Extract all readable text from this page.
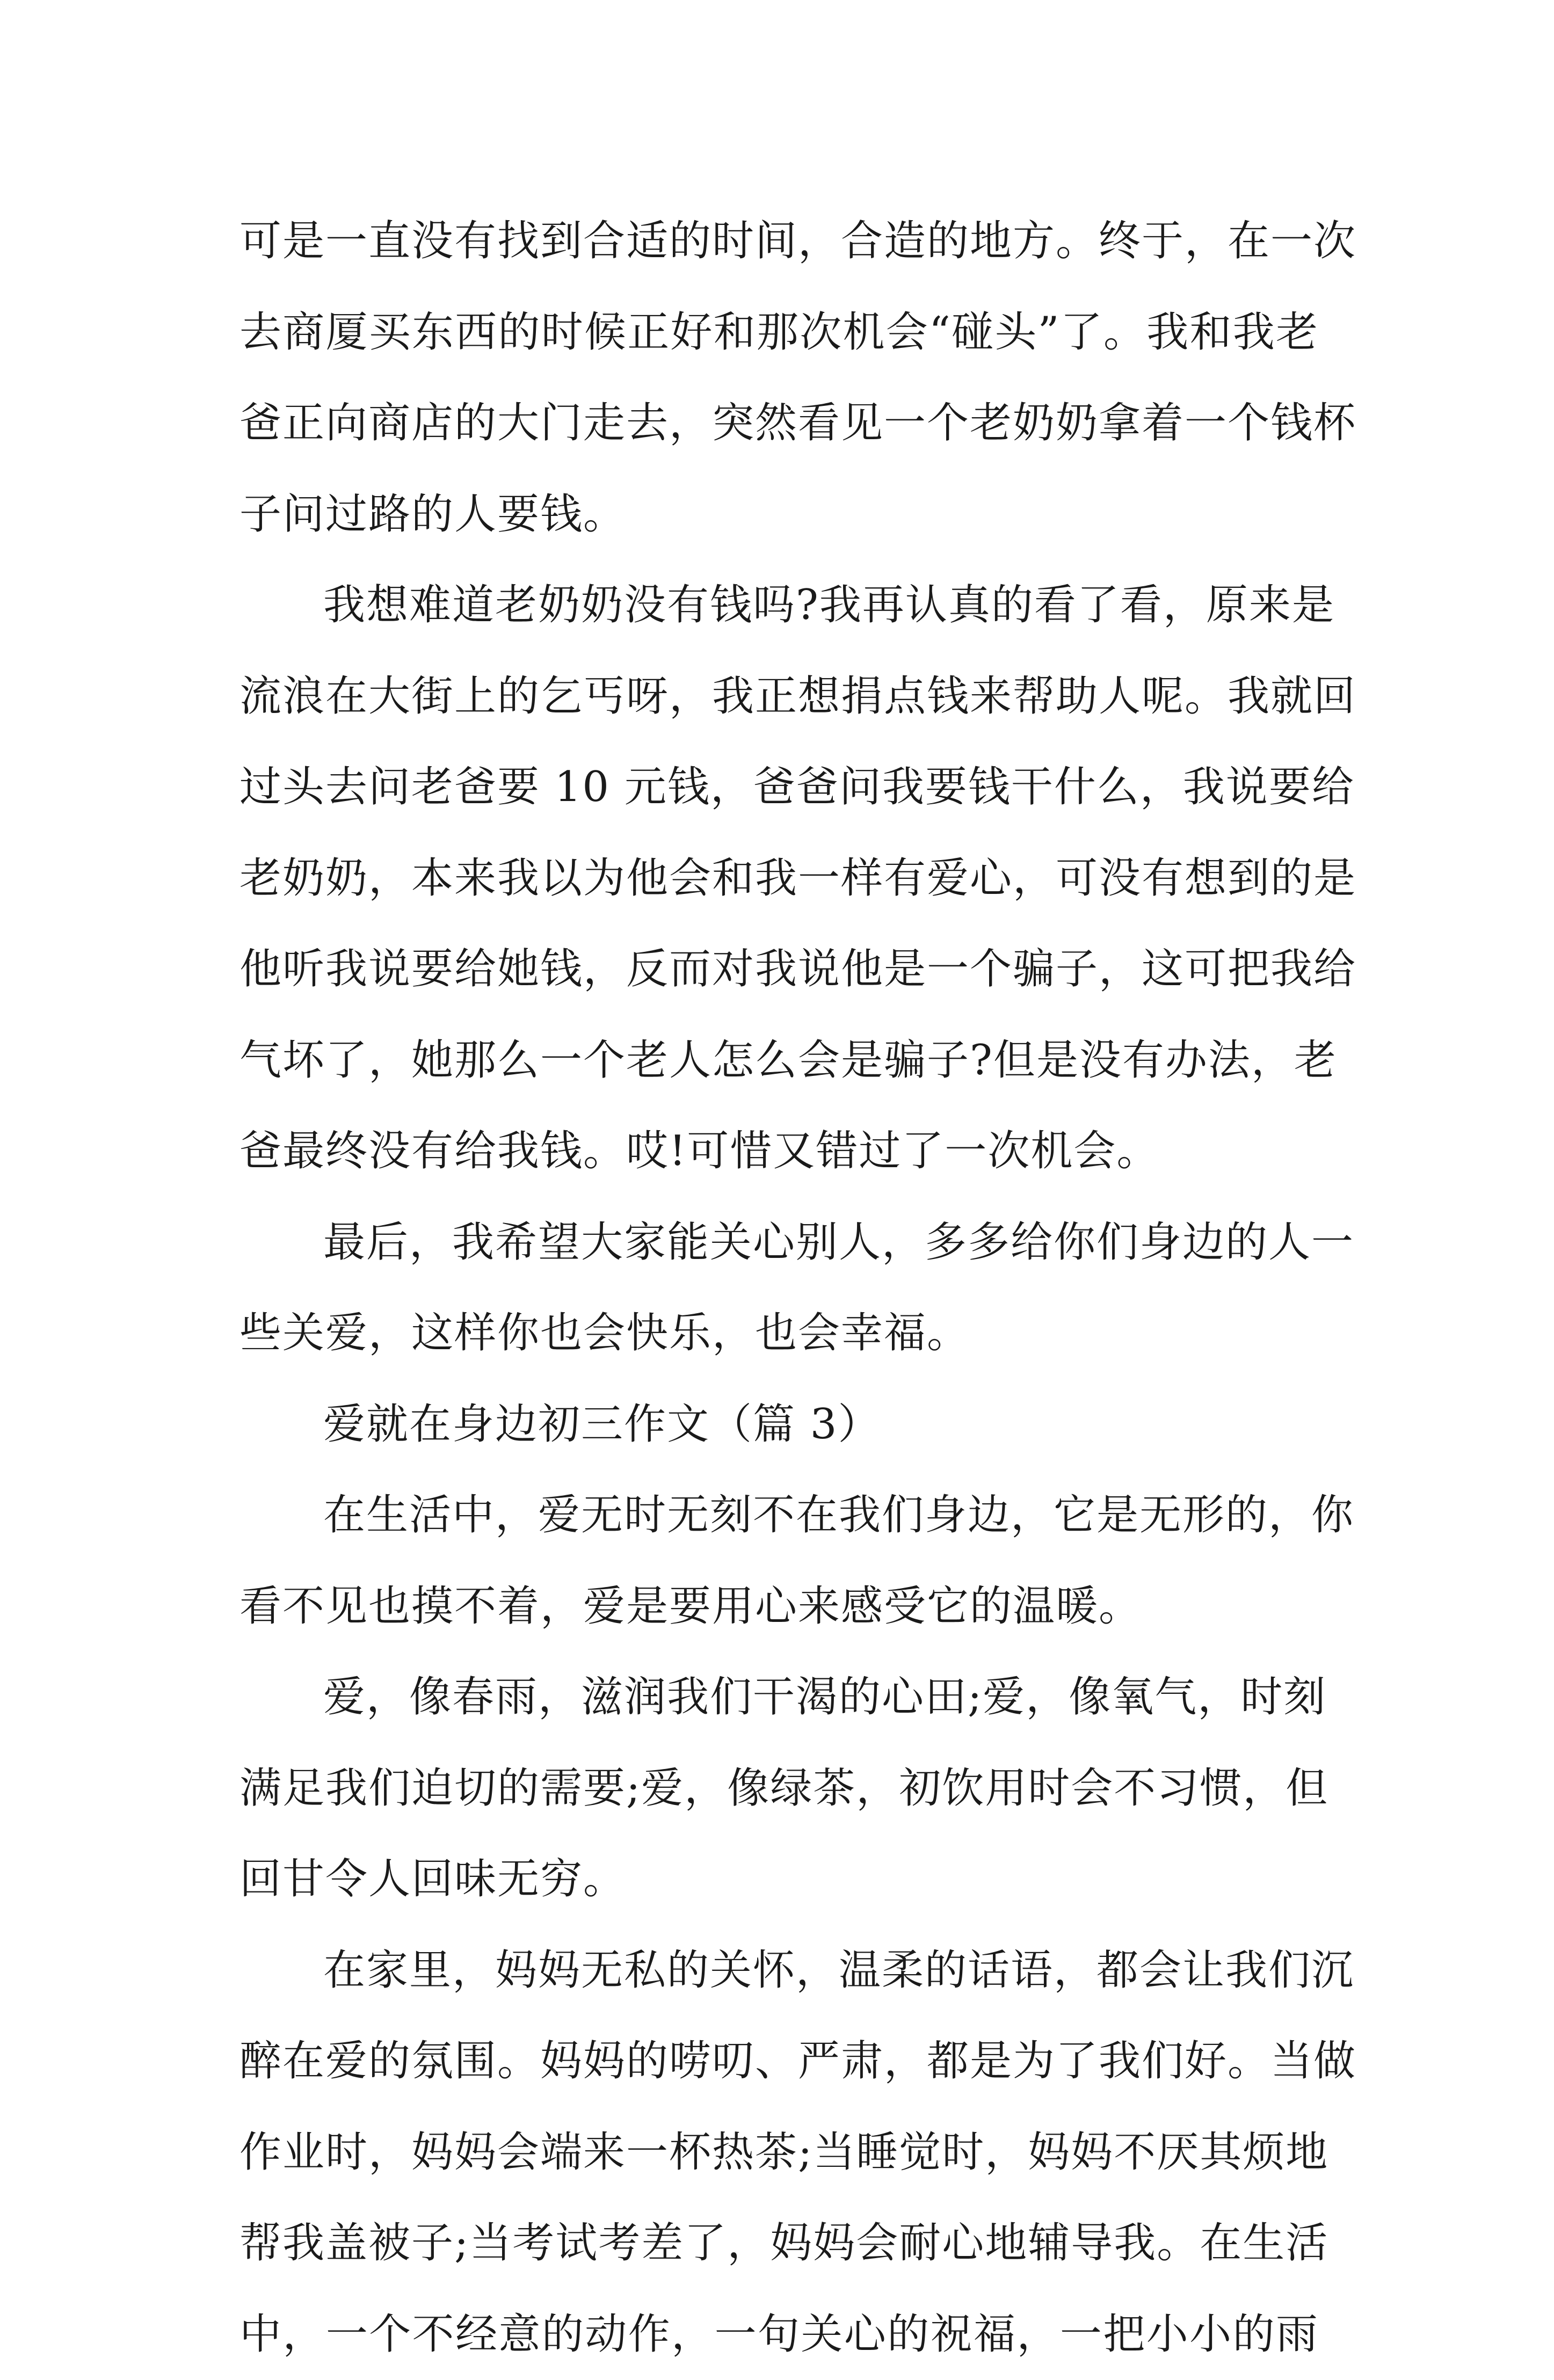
可是一直没有找到合适的时间，合造的地方。终于，在一次
去商厦买东西的时候正好和那次机会“碰头”了。我和我老
爸正向商店的大门走去，突然看见一个老奶奶拿着一个钱杯
子问过路的人要钱。
我想难道老奶奶没有钱吗?我再认真的看了看，原来是
流浪在大街上的乞丐呀，我正想捐点钱来帮助人呢。我就回
过头去问老爸要 10 元钱，爸爸问我要钱干什么，我说要给
老奶奶，本来我以为他会和我一样有爱心，可没有想到的是
他听我说要给她钱，反而对我说他是一个骗子，这可把我给
气坏了，她那么一个老人怎么会是骗子?但是没有办法，老
爸最终没有给我钱。哎!可惜又错过了一次机会。
最后，我希望大家能关心别人，多多给你们身边的人一
些关爱，这样你也会快乐，也会幸福。
爱就在身边初三作文（篇 3）
在生活中，爱无时无刻不在我们身边，它是无形的，你
看不见也摸不着，爱是要用心来感受它的温暖。
爱，像春雨，滋润我们干渴的心田;爱，像氧气，时刻
满足我们迫切的需要;爱，像绿茶，初饮用时会不习惯，但
回甘令人回味无穷。
在家里，妈妈无私的关怀，温柔的话语，都会让我们沉
醉在爱的氛围。妈妈的唠叨、严肃，都是为了我们好。当做
作业时，妈妈会端来一杯热茶;当睡觉时，妈妈不厌其烦地
帮我盖被子;当考试考差了，妈妈会耐心地辅导我。在生活
中，一个不经意的动作，一句关心的祝福，一把小小的雨
